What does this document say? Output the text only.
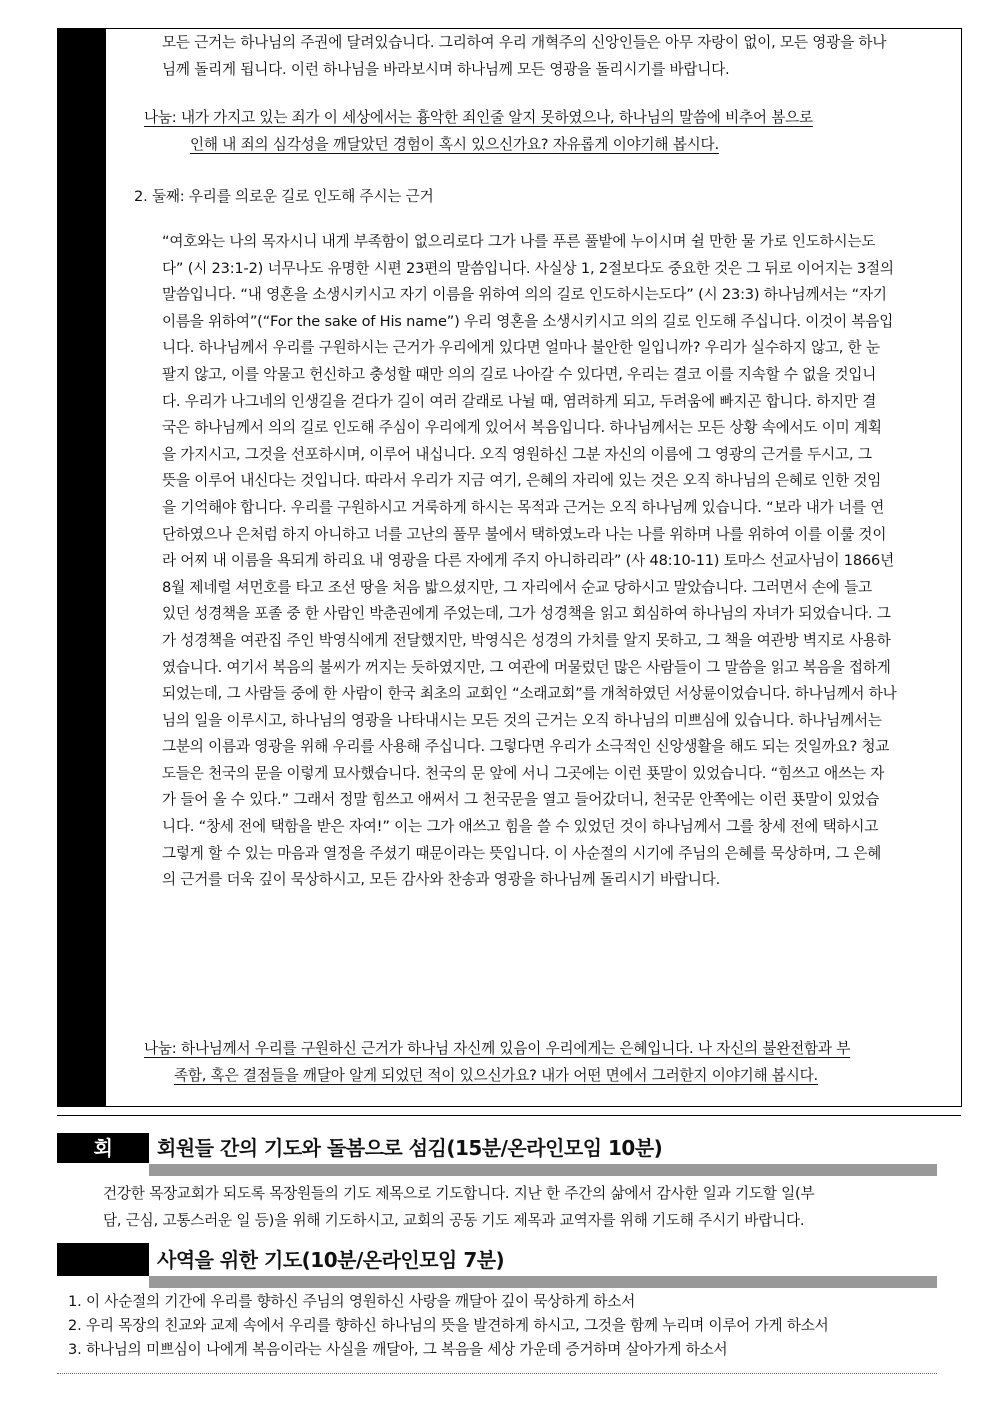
모든 근거는 하나님의 주권에 달려있습니다. 그리하여 우리 개혁주의 신앙인들은 아무 자랑이 없이, 모든 영광을 하나
님께 돌리게 됩니다. 이런 하나님을 바라보시며 하나님께 모든 영광을 돌리시기를 바랍니다.
나눔: 내가 가지고 있는 죄가 이 세상에서는 흉악한 죄인줄 알지 못하였으나, 하나님의 말씀에 비추어 봄으로
인해 내 죄의 심각성을 깨달았던 경험이 혹시 있으신가요? 자유롭게 이야기해 봅시다.
2. 둘째: 우리를 의로운 길로 인도해 주시는 근거
“여호와는 나의 목자시니 내게 부족함이 없으리로다 그가 나를 푸른 풀밭에 누이시며 쉴 만한 물 가로 인도하시는도
다” (시 23:1-2) 너무나도 유명한 시편 23편의 말씀입니다. 사실상 1, 2절보다도 중요한 것은 그 뒤로 이어지는 3절의
말씀입니다. “내 영혼을 소생시키시고 자기 이름을 위하여 의의 길로 인도하시는도다” (시 23:3) 하나님께서는 “자기
이름을 위하여”(“For the sake of His name”) 우리 영혼을 소생시키시고 의의 길로 인도해 주십니다. 이것이 복음입
니다. 하나님께서 우리를 구원하시는 근거가 우리에게 있다면 얼마나 불안한 일입니까? 우리가 실수하지 않고, 한 눈
팔지 않고, 이를 악물고 헌신하고 충성할 때만 의의 길로 나아갈 수 있다면, 우리는 결코 이를 지속할 수 없을 것입니
다. 우리가 나그네의 인생길을 걷다가 길이 여러 갈래로 나뉠 때, 염려하게 되고, 두려움에 빠지곤 합니다. 하지만 결
국은 하나님께서 의의 길로 인도해 주심이 우리에게 있어서 복음입니다. 하나님께서는 모든 상황 속에서도 이미 계획
을 가지시고, 그것을 선포하시며, 이루어 내십니다. 오직 영원하신 그분 자신의 이름에 그 영광의 근거를 두시고, 그
뜻을 이루어 내신다는 것입니다. 따라서 우리가 지금 여기, 은혜의 자리에 있는 것은 오직 하나님의 은혜로 인한 것임
을 기억해야 합니다. 우리를 구원하시고 거룩하게 하시는 목적과 근거는 오직 하나님께 있습니다. “보라 내가 너를 연
단하였으나 은처럼 하지 아니하고 너를 고난의 풀무 불에서 택하였노라 나는 나를 위하며 나를 위하여 이를 이룰 것이
라 어찌 내 이름을 욕되게 하리요 내 영광을 다른 자에게 주지 아니하리라” (사 48:10-11) 토마스 선교사님이 1866년
8월 제네럴 셔먼호를 타고 조선 땅을 처음 밟으셨지만, 그 자리에서 순교 당하시고 말았습니다. 그러면서 손에 들고
있던 성경책을 포졸 중 한 사람인 박춘권에게 주었는데, 그가 성경책을 읽고 회심하여 하나님의 자녀가 되었습니다. 그
가 성경책을 여관집 주인 박영식에게 전달했지만, 박영식은 성경의 가치를 알지 못하고, 그 책을 여관방 벽지로 사용하
였습니다. 여기서 복음의 불씨가 꺼지는 듯하였지만, 그 여관에 머물렀던 많은 사람들이 그 말씀을 읽고 복음을 접하게
되었는데, 그 사람들 중에 한 사람이 한국 최초의 교회인 “소래교회”를 개척하였던 서상륜이었습니다. 하나님께서 하나
님의 일을 이루시고, 하나님의 영광을 나타내시는 모든 것의 근거는 오직 하나님의 미쁘심에 있습니다. 하나님께서는
그분의 이름과 영광을 위해 우리를 사용해 주십니다. 그렇다면 우리가 소극적인 신앙생활을 해도 되는 것일까요? 청교
도들은 천국의 문을 이렇게 묘사했습니다. 천국의 문 앞에 서니 그곳에는 이런 푯말이 있었습니다. “힘쓰고 애쓰는 자
가 들어 올 수 있다.” 그래서 정말 힘쓰고 애써서 그 천국문을 열고 들어갔더니, 천국문 안쪽에는 이런 푯말이 있었습
니다. “창세 전에 택함을 받은 자여!” 이는 그가 애쓰고 힘을 쓸 수 있었던 것이 하나님께서 그를 창세 전에 택하시고
그렇게 할 수 있는 마음과 열정을 주셨기 때문이라는 뜻입니다. 이 사순절의 시기에 주님의 은혜를 묵상하며, 그 은혜
의 근거를 더욱 깊이 묵상하시고, 모든 감사와 찬송과 영광을 하나님께 돌리시기 바랍니다.
나눔: 하나님께서 우리를 구원하신 근거가 하나님 자신께 있음이 우리에게는 은혜입니다. 나 자신의 불완전함과 부
족함, 혹은 결점들을 깨달아 알게 되었던 적이 있으신가요? 내가 어떤 면에서 그러한지 이야기해 봅시다.
회	회원들 간의 기도와 돌봄으로 섬김(15분/온라인모임 10분)
건강한 목장교회가 되도록 목장원들의 기도 제목으로 기도합니다. 지난 한 주간의 삶에서 감사한 일과 기도할 일(부
담, 근심, 고통스러운 일 등)을 위해 기도하시고, 교회의 공동 기도 제목과 교역자를 위해 기도해 주시기 바랍니다.
사역을 위한 기도(10분/온라인모임 7분)
1. 이 사순절의 기간에 우리를 향하신 주님의 영원하신 사랑을 깨달아 깊이 묵상하게 하소서
2. 우리 목장의 친교와 교제 속에서 우리를 향하신 하나님의 뜻을 발견하게 하시고, 그것을 함께 누리며 이루어 가게 하소서
3. 하나님의 미쁘심이 나에게 복음이라는 사실을 깨달아, 그 복음을 세상 가운데 증거하며 살아가게 하소서
